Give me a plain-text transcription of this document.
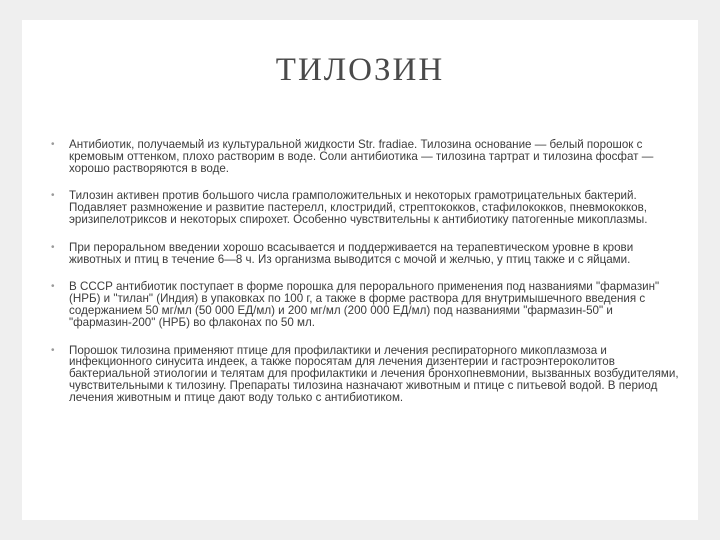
ТИЛОЗИН
• Антибиотик, получаемый из культуральной жидкости Str. fradiae. Тилозина основание — белый порошок с кремовым оттенком, плохо растворим в воде. Соли антибиотика — тилозина тартрат и тилозина фосфат — хорошо растворяются в воде.
• Тилозин активен против большого числа грамположительных и некоторых грамотрицательных бактерий. Подавляет размножение и развитие пастерелл, клостридий, стрептококков, стафилококков, пневмококков, эризипелотриксов и некоторых спирохет. Особенно чувствительны к антибиотику патогенные микоплазмы.
• При пероральном введении хорошо всасывается и поддерживается на терапевтическом уровне в крови животных и птиц в течение 6—8 ч. Из организма выводится с мочой и желчью, у птиц также и с яйцами.
• В СССР антибиотик поступает в форме порошка для перорального применения под названиями "фармазин" (НРБ) и "тилан" (Индия) в упаковках по 100 г, а также в форме раствора для внутримышечного введения с содержанием 50 мг/мл (50 000 ЕД/мл) и 200 мг/мл (200 000 ЕД/мл) под названиями "фармазин-50" и "фармазин-200" (НРБ) во флаконах по 50 мл.
• Порошок тилозина применяют птице для профилактики и лечения респираторного микоплазмоза и инфекционного синусита индеек, а также поросятам для лечения дизентерии и гастроэнтероколитов бактериальной этиологии и телятам для профилактики и лечения бронхопневмонии, вызванных возбудителями, чувствительными к тилозину. Препараты тилозина назначают животным и птице с питьевой водой. В период лечения животным и птице дают воду только с антибиотиком.
